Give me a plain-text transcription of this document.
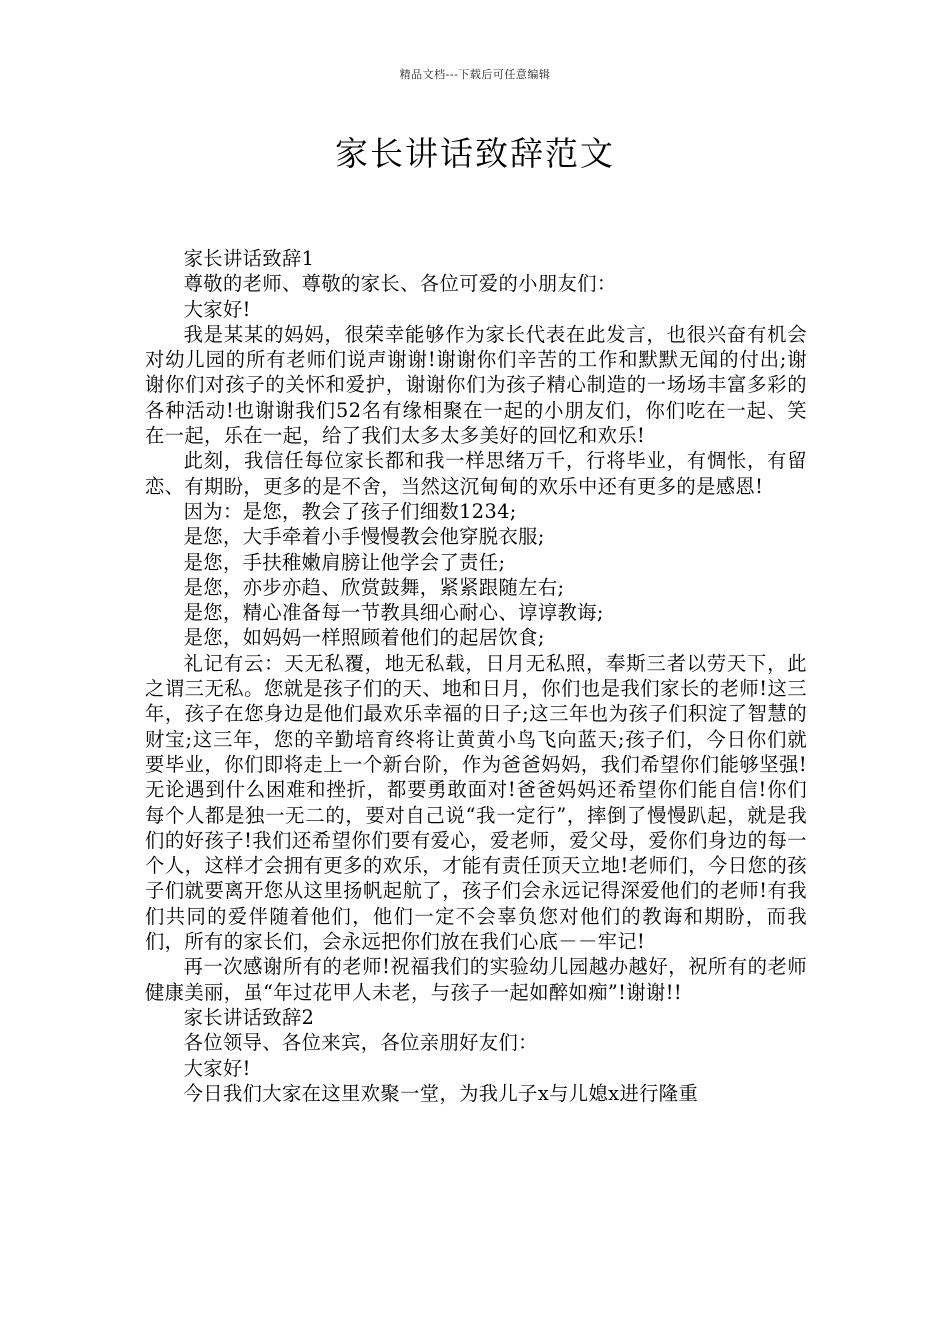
精品文档---下载后可任意编辑
家长讲话致辞范文

家长讲话致辞1

尊敬的老师、尊敬的家长、各位可爱的小朋友们：

大家好!

我是某某的妈妈，很荣幸能够作为家长代表在此发言，也很兴奋有机会对幼儿园的所有老师们说声谢谢!谢谢你们辛苦的工作和默默无闻的付出;谢谢你们对孩子的关怀和爱护，谢谢你们为孩子精心制造的一场场丰富多彩的各种活动!也谢谢我们52名有缘相聚在一起的小朋友们，你们吃在一起、笑在一起，乐在一起，给了我们太多太多美好的回忆和欢乐!

此刻，我信任每位家长都和我一样思绪万千，行将毕业，有惆怅，有留恋、有期盼，更多的是不舍，当然这沉甸甸的欢乐中还有更多的是感恩!

因为：是您，教会了孩子们细数1234;

是您，大手牵着小手慢慢教会他穿脱衣服;

是您，手扶稚嫩肩膀让他学会了责任;

是您，亦步亦趋、欣赏鼓舞，紧紧跟随左右;

是您，精心准备每一节教具细心耐心、谆谆教诲;

是您，如妈妈一样照顾着他们的起居饮食;

礼记有云：天无私覆，地无私载，日月无私照，奉斯三者以劳天下，此之谓三无私。您就是孩子们的天、地和日月，你们也是我们家长的老师!这三年，孩子在您身边是他们最欢乐幸福的日子;这三年也为孩子们积淀了智慧的财宝;这三年，您的辛勤培育终将让黄黄小鸟飞向蓝天;孩子们，今日你们就要毕业，你们即将走上一个新台阶，作为爸爸妈妈，我们希望你们能够坚强!无论遇到什么困难和挫折，都要勇敢面对!爸爸妈妈还希望你们能自信!你们每个人都是独一无二的，要对自己说“我一定行”，摔倒了慢慢趴起，就是我们的好孩子!我们还希望你们要有爱心，爱老师，爱父母，爱你们身边的每一个人，这样才会拥有更多的欢乐，才能有责任顶天立地!老师们，今日您的孩子们就要离开您从这里扬帆起航了，孩子们会永远记得深爱他们的老师!有我们共同的爱伴随着他们，他们一定不会辜负您对他们的教诲和期盼，而我们，所有的家长们，会永远把你们放在我们心底－－牢记!

再一次感谢所有的老师!祝福我们的实验幼儿园越办越好，祝所有的老师健康美丽，虽“年过花甲人未老，与孩子一起如醉如痴”!谢谢!!

家长讲话致辞2

各位领导、各位来宾，各位亲朋好友们：

大家好!

今日我们大家在这里欢聚一堂，为我儿子x与儿媳x进行隆重
